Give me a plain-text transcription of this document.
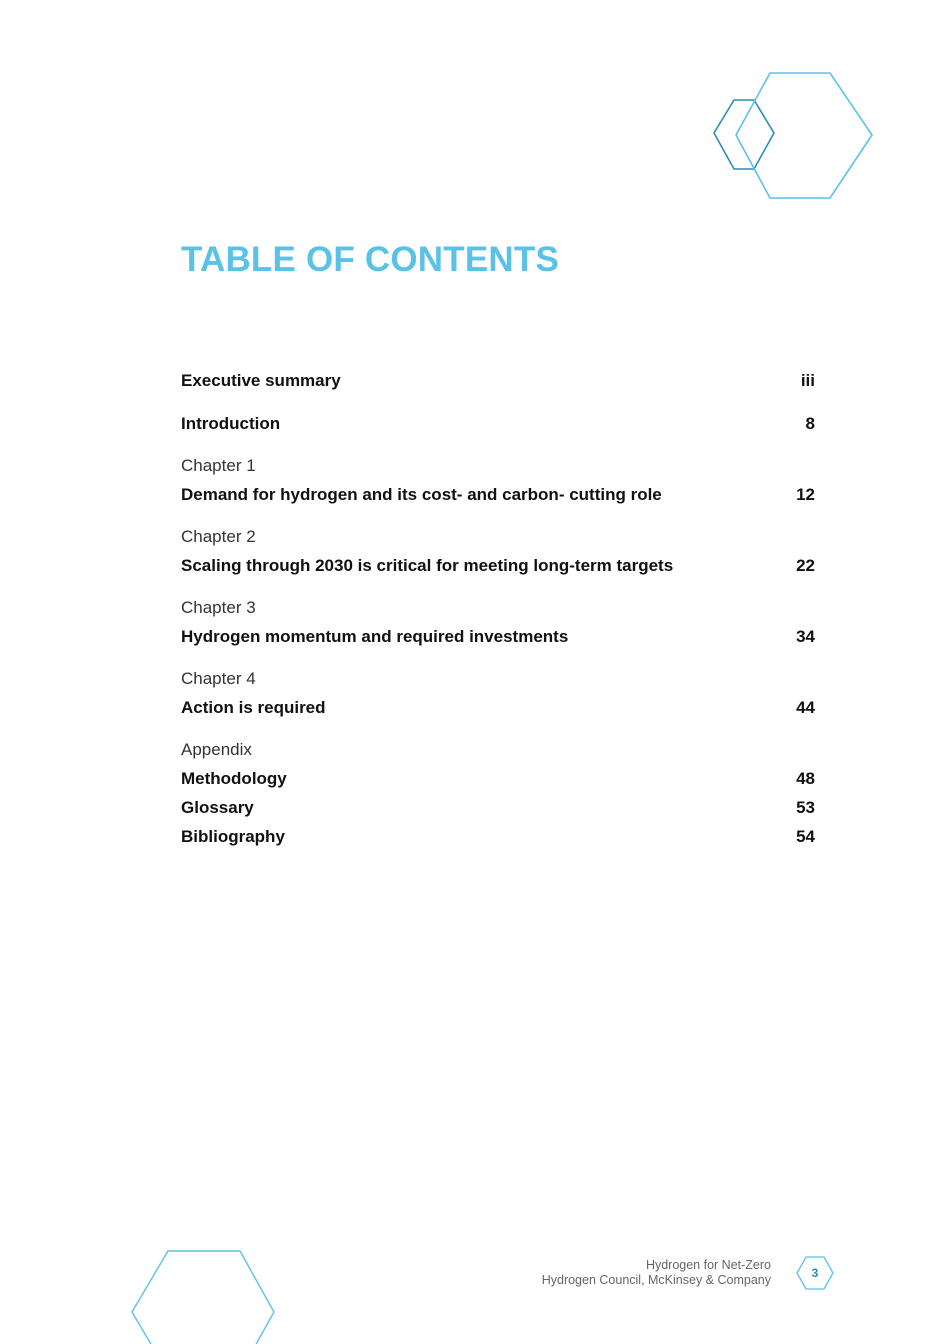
TABLE OF CONTENTS
Executive summary	iii
Introduction	8
Chapter 1
Demand for hydrogen and its cost- and carbon- cutting role	12
Chapter 2
Scaling through 2030 is critical for meeting long-term targets	22
Chapter 3
Hydrogen momentum and required investments	34
Chapter 4
Action is required	44
Appendix
Methodology	48
Glossary	53
Bibliography	54
Hydrogen for Net-Zero
Hydrogen Council, McKinsey & Company	3
